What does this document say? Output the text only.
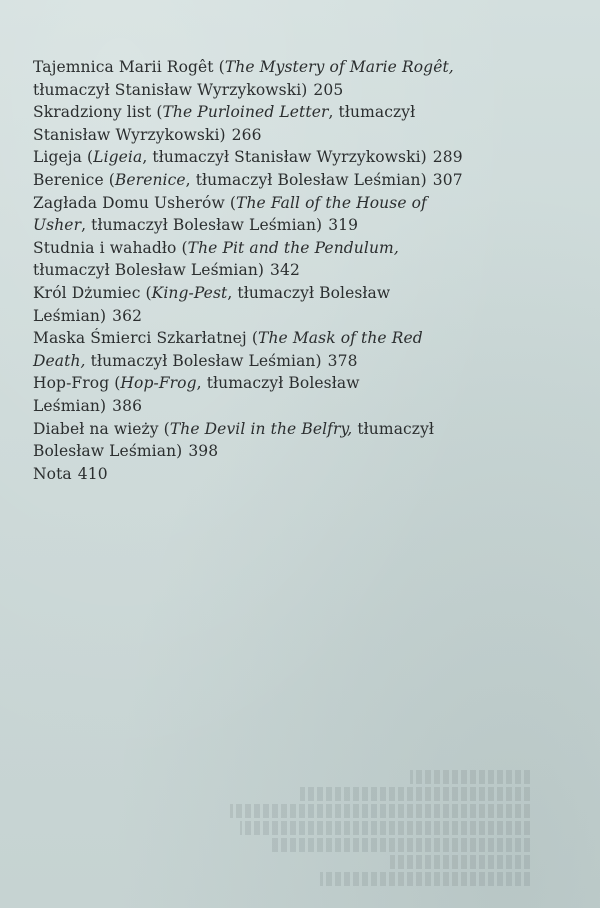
Tajemnica Marii Rogêt (The Mystery of Marie Rogêt,
tłumaczył Stanisław Wyrzykowski) 205
Skradziony list (The Purloined Letter, tłumaczył
Stanisław Wyrzykowski) 266
Ligeja (Ligeia, tłumaczył Stanisław Wyrzykowski) 289
Berenice (Berenice, tłumaczył Bolesław Leśmian) 307
Zagłada Domu Usherów (The Fall of the House of
Usher, tłumaczył Bolesław Leśmian) 319
Studnia i wahadło (The Pit and the Pendulum,
tłumaczył Bolesław Leśmian) 342
Król Dżumiec (King-Pest, tłumaczył Bolesław
Leśmian) 362
Maska Śmierci Szkarłatnej (The Mask of the Red
Death, tłumaczył Bolesław Leśmian) 378
Hop-Frog (Hop-Frog, tłumaczył Bolesław
Leśmian) 386
Diabeł na wieży (The Devil in the Belfry, tłumaczył
Bolesław Leśmian) 398
Nota 410
